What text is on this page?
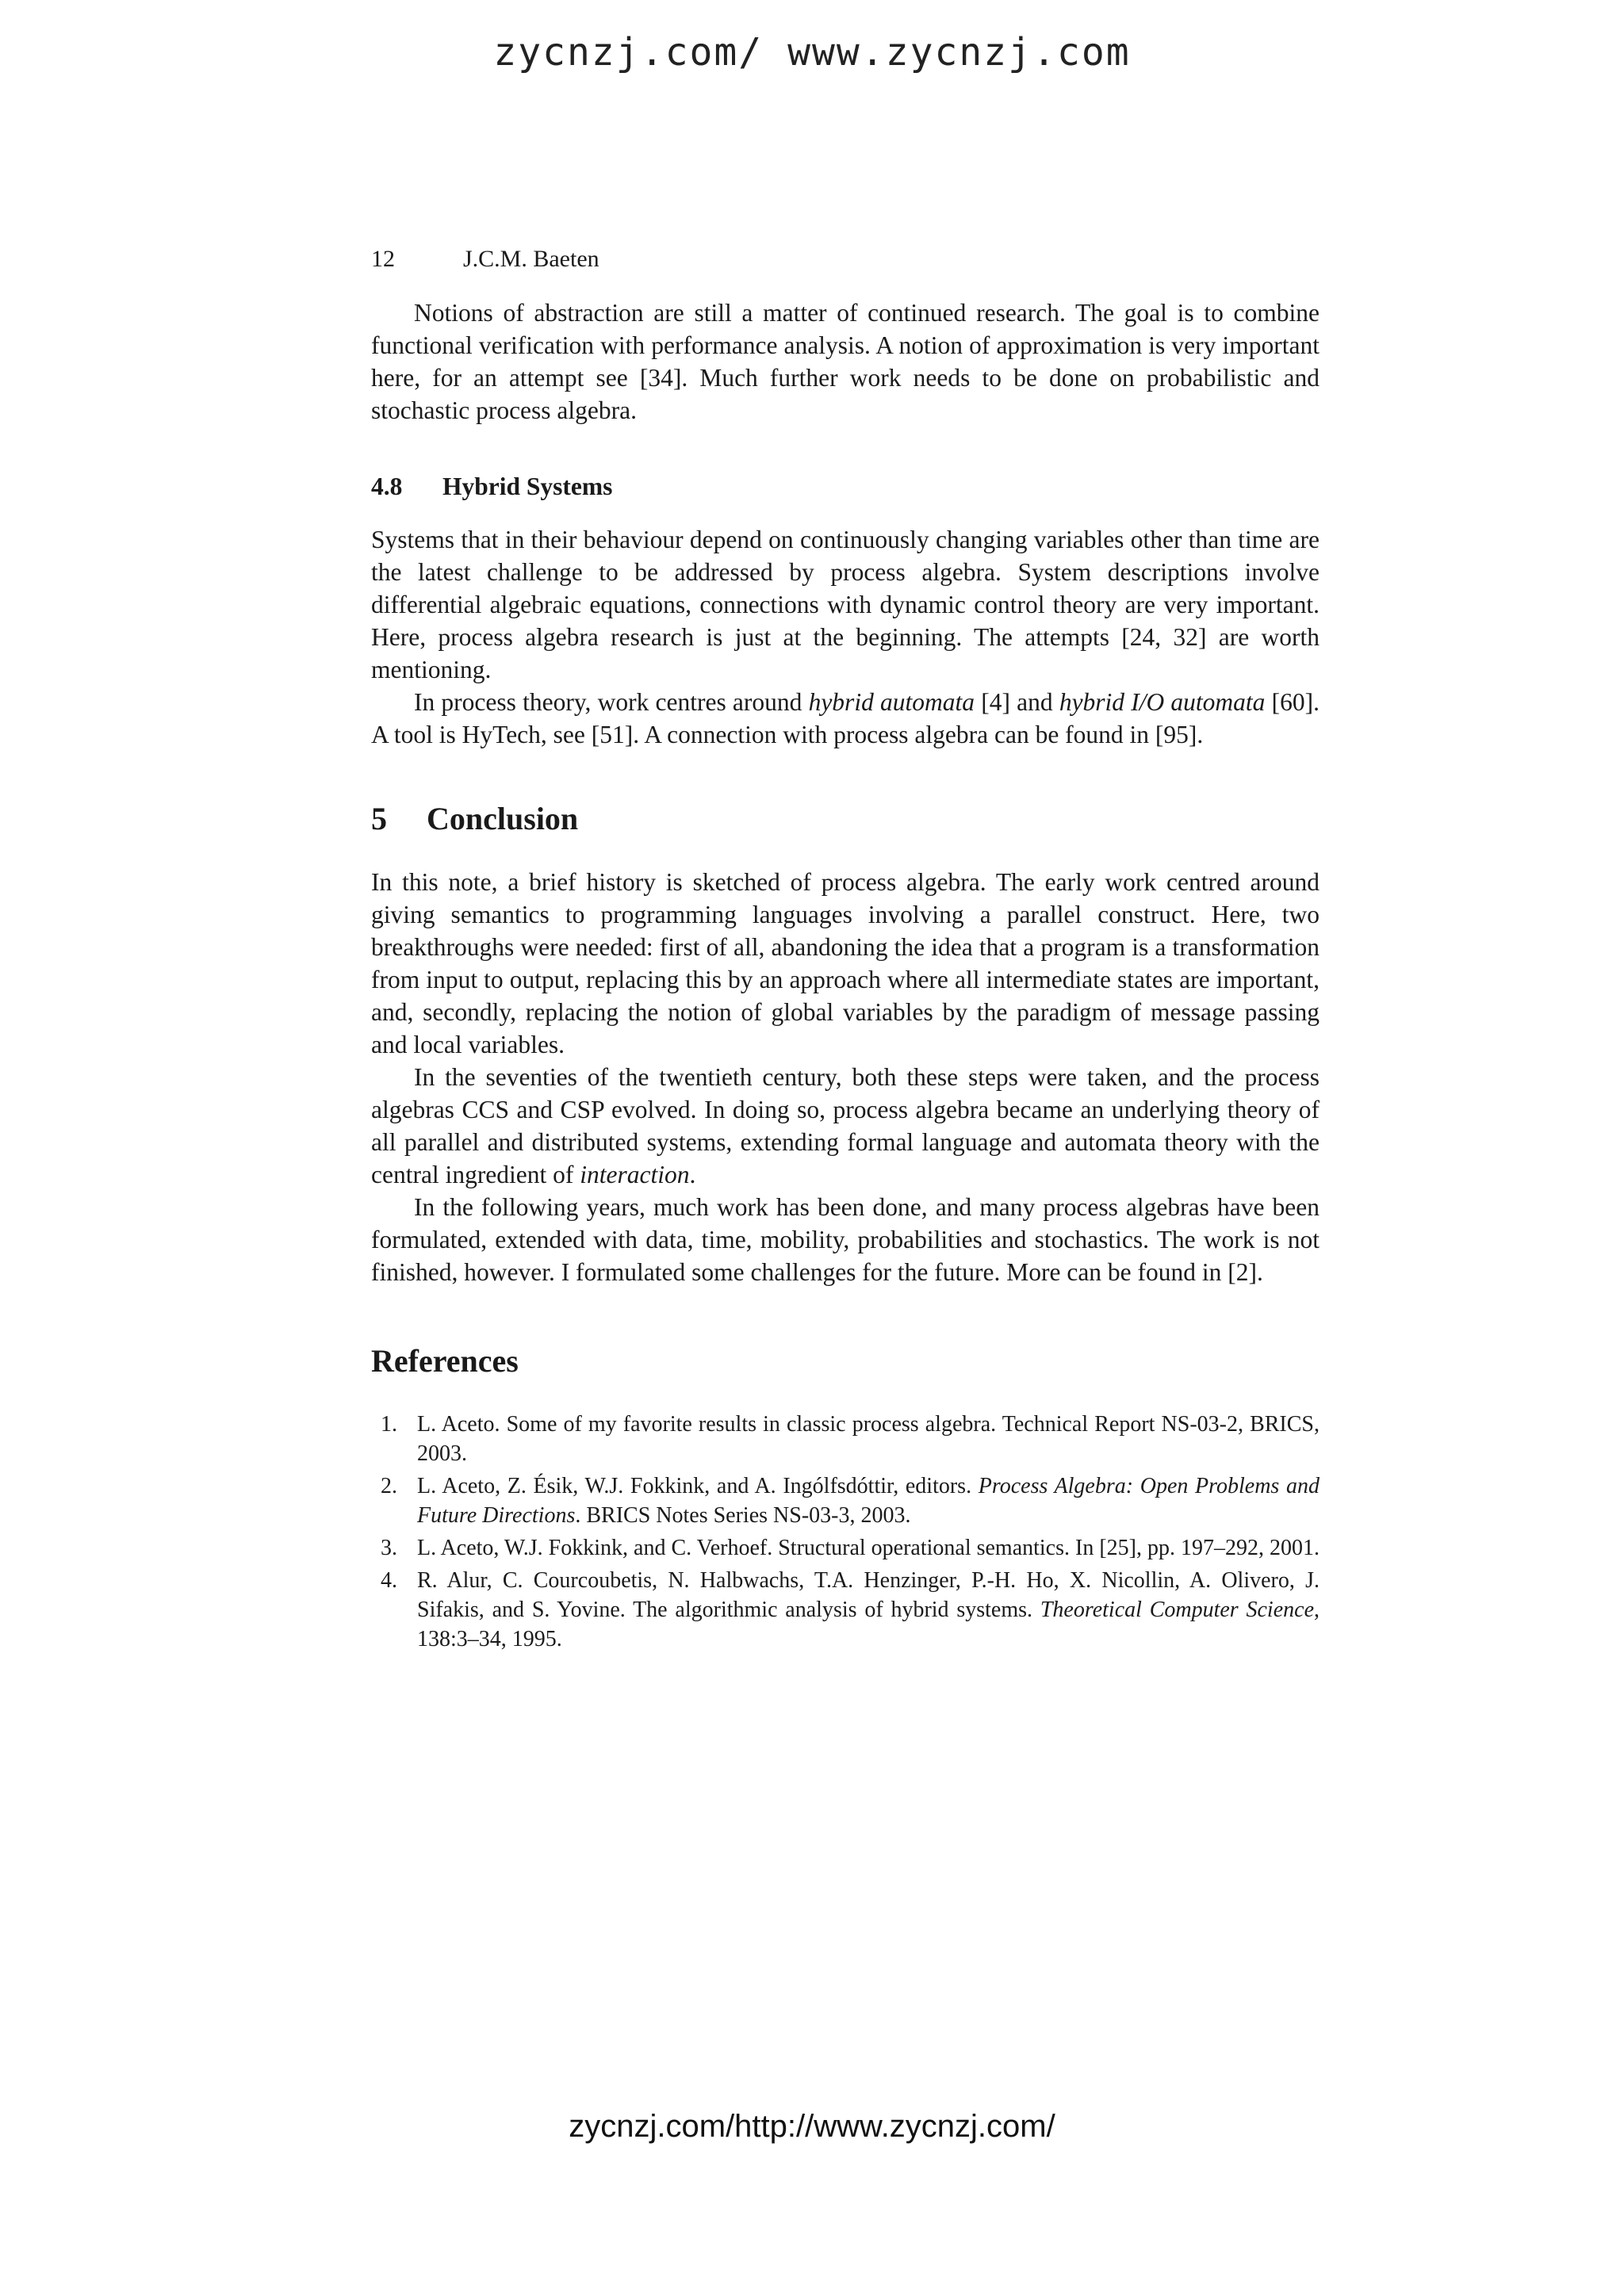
zycnzj.com/ www.zycnzj.com
12	J.C.M. Baeten

Notions of abstraction are still a matter of continued research. The goal is to combine functional verification with performance analysis. A notion of approximation is very important here, for an attempt see [34]. Much further work needs to be done on probabilistic and stochastic process algebra.

4.8 Hybrid Systems

Systems that in their behaviour depend on continuously changing variables other than time are the latest challenge to be addressed by process algebra. System descriptions involve differential algebraic equations, connections with dynamic control theory are very important. Here, process algebra research is just at the beginning. The attempts [24, 32] are worth mentioning.

In process theory, work centres around hybrid automata [4] and hybrid I/O automata [60]. A tool is HyTech, see [51]. A connection with process algebra can be found in [95].

5 Conclusion

In this note, a brief history is sketched of process algebra. The early work centred around giving semantics to programming languages involving a parallel construct. Here, two breakthroughs were needed: first of all, abandoning the idea that a program is a transformation from input to output, replacing this by an approach where all intermediate states are important, and, secondly, replacing the notion of global variables by the paradigm of message passing and local variables.

In the seventies of the twentieth century, both these steps were taken, and the process algebras CCS and CSP evolved. In doing so, process algebra became an underlying theory of all parallel and distributed systems, extending formal language and automata theory with the central ingredient of interaction.

In the following years, much work has been done, and many process algebras have been formulated, extended with data, time, mobility, probabilities and stochastics. The work is not finished, however. I formulated some challenges for the future. More can be found in [2].

References
1. L. Aceto. Some of my favorite results in classic process algebra. Technical Report NS-03-2, BRICS, 2003.
2. L. Aceto, Z. Ésik, W.J. Fokkink, and A. Ingólfsdóttir, editors. Process Algebra: Open Problems and Future Directions. BRICS Notes Series NS-03-3, 2003.
3. L. Aceto, W.J. Fokkink, and C. Verhoef. Structural operational semantics. In [25], pp. 197–292, 2001.
4. R. Alur, C. Courcoubetis, N. Halbwachs, T.A. Henzinger, P.-H. Ho, X. Nicollin, A. Olivero, J. Sifakis, and S. Yovine. The algorithmic analysis of hybrid systems. Theoretical Computer Science, 138:3–34, 1995.
zycnzj.com/http://www.zycnzj.com/
